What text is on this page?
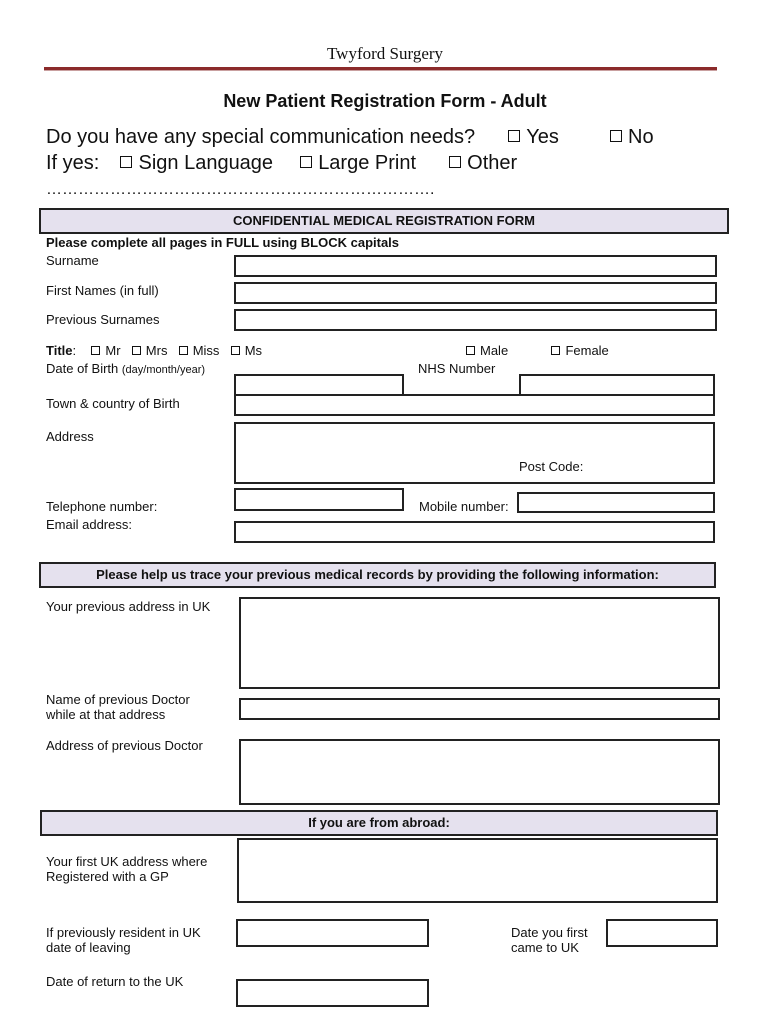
Twyford Surgery
New Patient Registration Form - Adult
Do you have any special communication needs?	Yes	No
If yes: Sign Language Large Print	Other
……………………………………………………………….
CONFIDENTIAL MEDICAL REGISTRATION FORM
Please complete all pages in FULL using BLOCK capitals
Surname
First Names (in full)
Previous Surnames
Title: Mr Mrs Miss Ms	Male	Female
Date of Birth (day/month/year)	NHS Number
Town & country of Birth
Address
Post Code:
Telephone number:	Mobile number:
Email address:
Please help us trace your previous medical records by providing the following information:
Your previous address in UK
Name of previous Doctor
while at that address
Address of previous Doctor
If you are from abroad:
Your first UK address where
Registered with a GP
If previously resident in UK
date of leaving
Date you first
came to UK
Date of return to the UK
